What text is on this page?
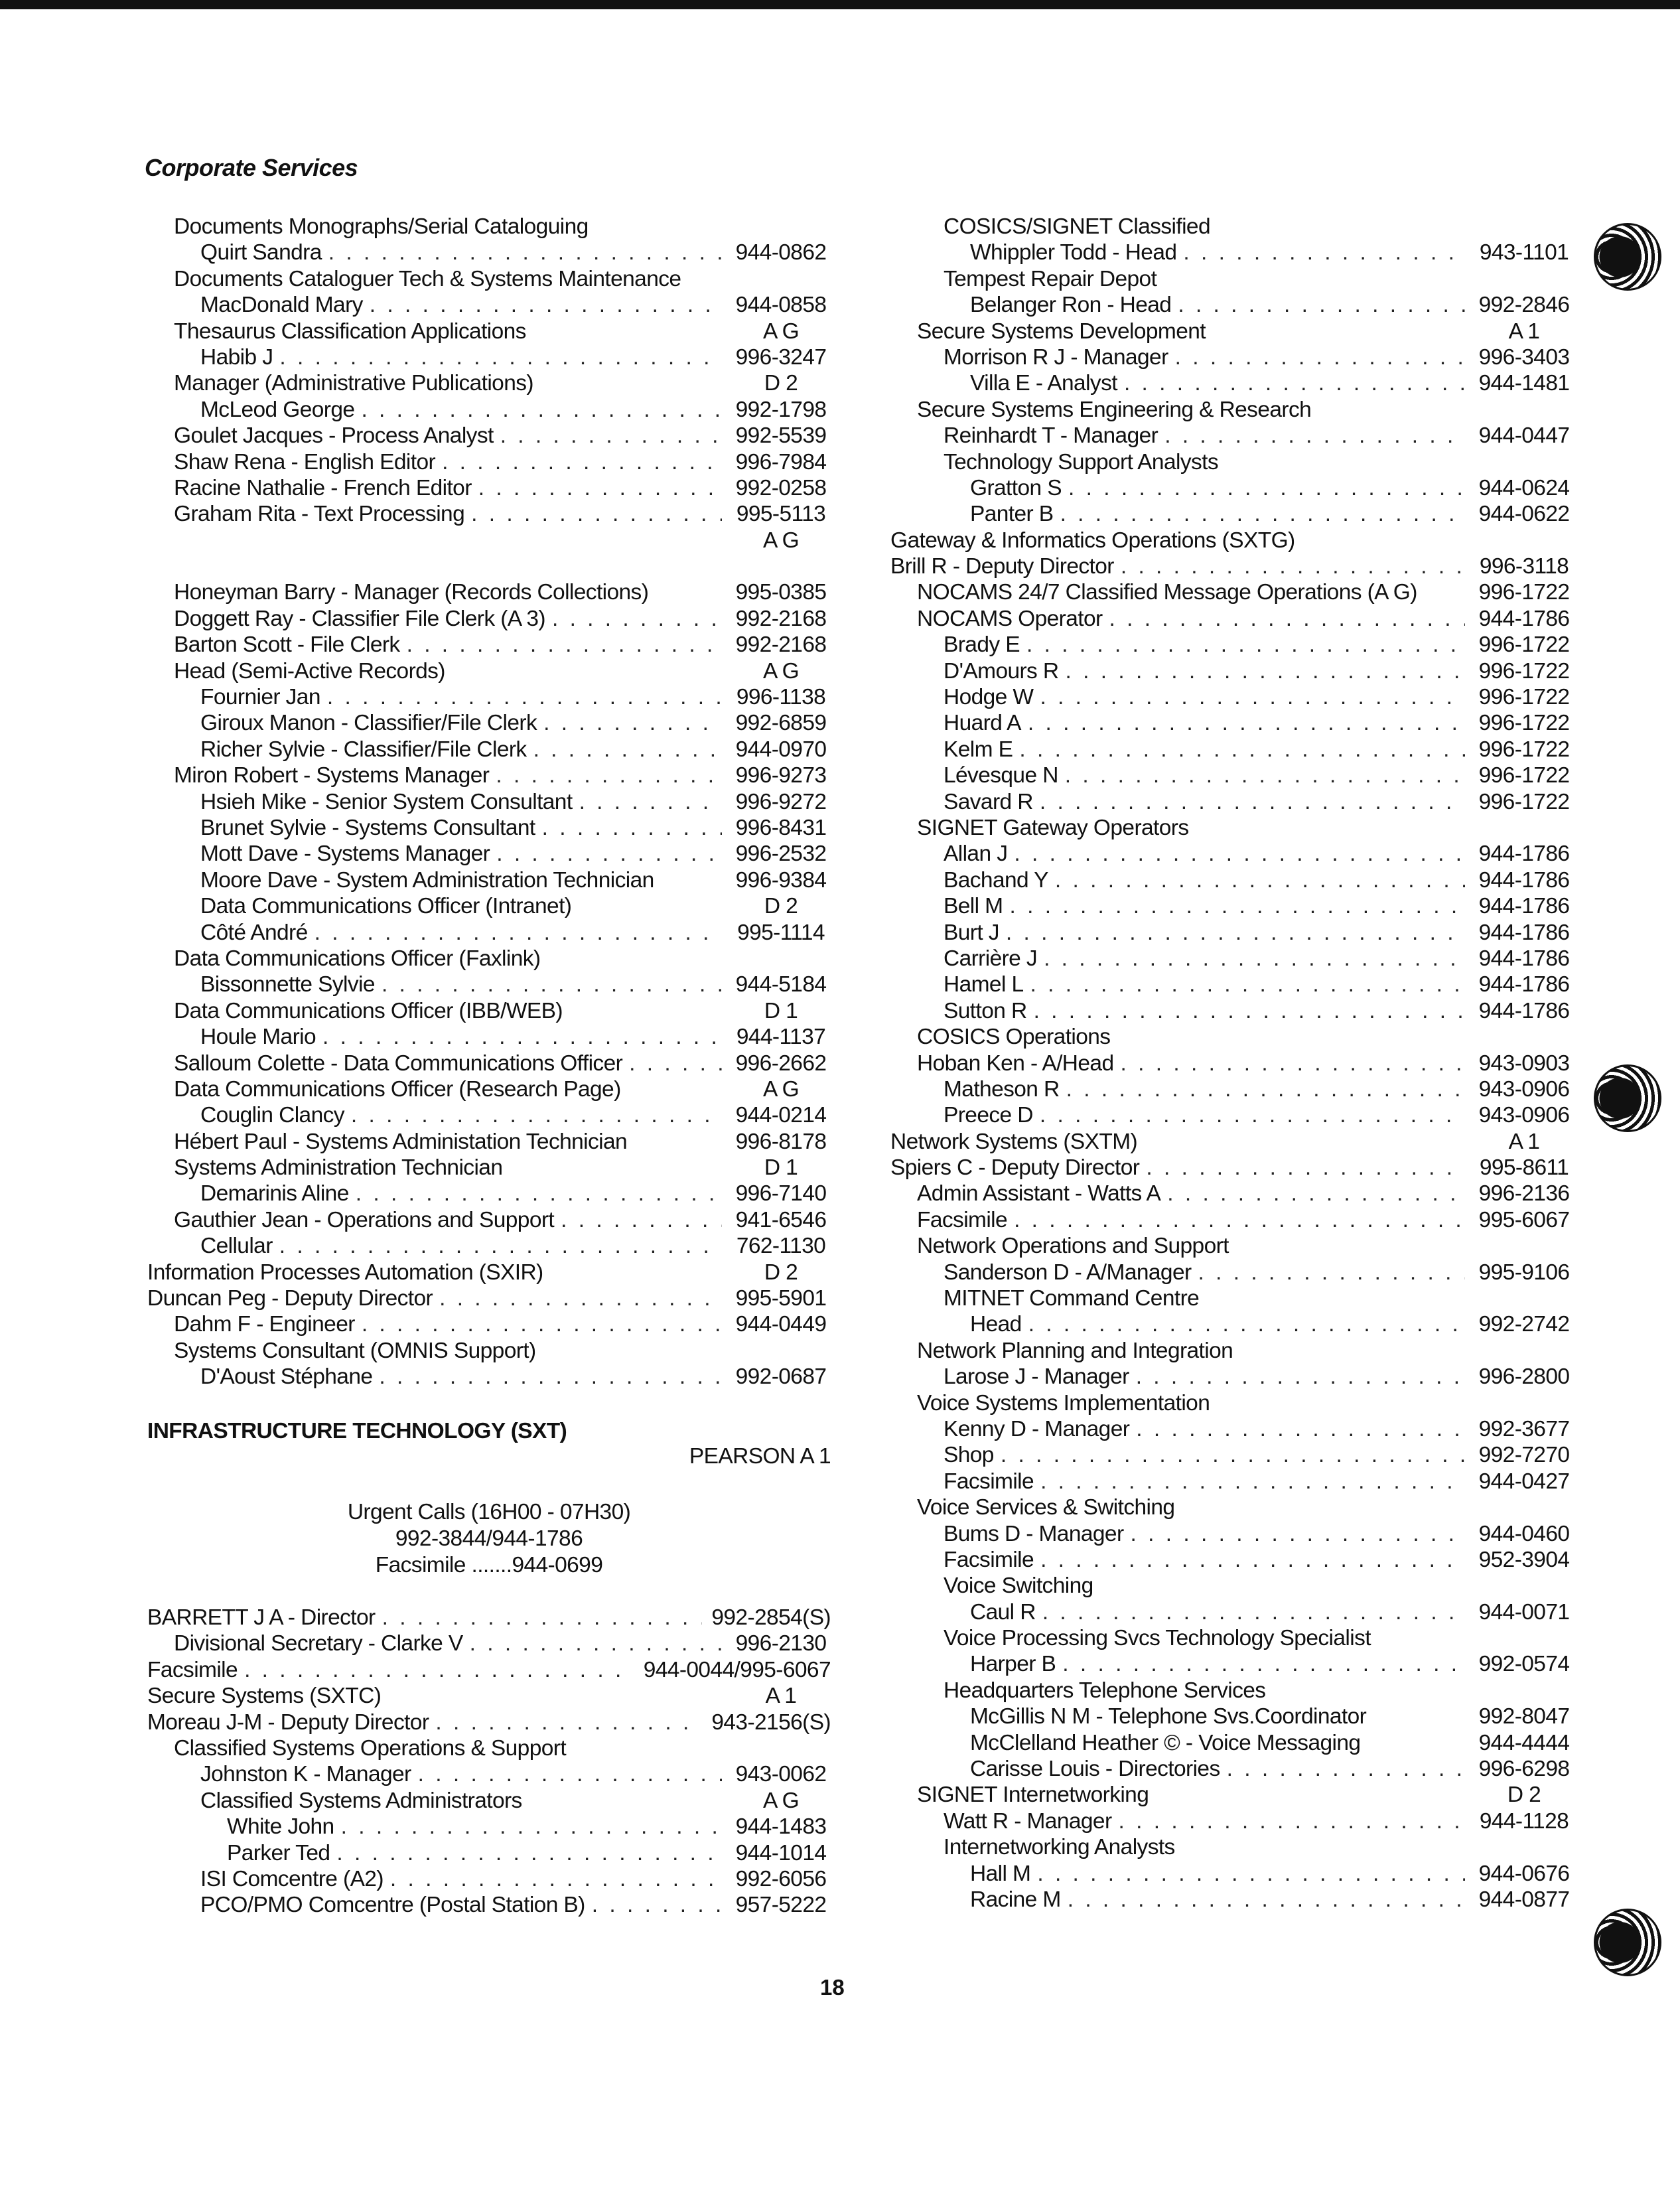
Corporate Services
Documents Monographs/Serial Cataloguing
Quirt Sandra . . .	944-0862
Documents Cataloguer Tech & Systems Maintenance
MacDonald Mary . . .	944-0858
Thesaurus Classification Applications	A G
Habib J . . .	996-3247
Manager (Administrative Publications)	D 2
McLeod George . . .	992-1798
Goulet Jacques - Process Analyst . . .	992-5539
Shaw Rena - English Editor . . .	996-7984
Racine Nathalie - French Editor . . .	992-0258
Graham Rita - Text Processing . . .	995-5113
A G
Honeyman Barry - Manager (Records Collections)	995-0385
Doggett Ray - Classifier File Clerk (A 3) . . .	992-2168
Barton Scott - File Clerk . . .	992-2168
Head (Semi-Active Records)	A G
Fournier Jan . . .	996-1138
Giroux Manon - Classifier/File Clerk . . .	992-6859
Richer Sylvie - Classifier/File Clerk . . .	944-0970
Miron Robert - Systems Manager . . .	996-9273
Hsieh Mike - Senior System Consultant . . .	996-9272
Brunet Sylvie - Systems Consultant . . .	996-8431
Mott Dave - Systems Manager . . .	996-2532
Moore Dave - System Administration Technician	996-9384
Data Communications Officer (Intranet)	D 2
Côté André . . .	995-1114
Data Communications Officer (Faxlink)
Bissonnette Sylvie . . .	944-5184
Data Communications Officer (IBB/WEB)	D 1
Houle Mario . . .	944-1137
Salloum Colette - Data Communications Officer . . .	996-2662
Data Communications Officer (Research Page)	A G
Couglin Clancy . . .	944-0214
Hébert Paul - Systems Administation Technician	996-8178
Systems Administration Technician	D 1
Demarinis Aline . . .	996-7140
Gauthier Jean - Operations and Support . . .	941-6546
Cellular . . .	762-1130
Information Processes Automation (SXIR)	D 2
Duncan Peg - Deputy Director . . .	995-5901
Dahm F - Engineer . . .	944-0449
Systems Consultant (OMNIS Support)
D'Aoust Stéphane . . .	992-0687
INFRASTRUCTURE TECHNOLOGY (SXT)
PEARSON A 1
Urgent Calls (16H00 - 07H30)
992-3844/944-1786
Facsimile .......944-0699
BARRETT J A - Director . . .	992-2854(S)
Divisional Secretary - Clarke V . . .	996-2130
Facsimile . . .	944-0044/995-6067
Secure Systems (SXTC)	A 1
Moreau J-M - Deputy Director . . .	943-2156(S)
Classified Systems Operations & Support
Johnston K - Manager . . .	943-0062
Classified Systems Administrators	A G
White John . . .	944-1483
Parker Ted . . .	944-1014
ISI Comcentre (A2) . . .	992-6056
PCO/PMO Comcentre (Postal Station B) . . .	957-5222
COSICS/SIGNET Classified
Whippler Todd - Head . . .	943-1101
Tempest Repair Depot
Belanger Ron - Head . . .	992-2846
Secure Systems Development	A 1
Morrison R J - Manager . . .	996-3403
Villa E - Analyst . . .	944-1481
Secure Systems Engineering & Research
Reinhardt T - Manager . . .	944-0447
Technology Support Analysts
Gratton S . . .	944-0624
Panter B . . .	944-0622
Gateway & Informatics Operations (SXTG)
Brill R - Deputy Director . . .	996-3118
NOCAMS 24/7 Classified Message Operations (A G)	996-1722
NOCAMS Operator . . .	944-1786
Brady E . . .	996-1722
D'Amours R . . .	996-1722
Hodge W . . .	996-1722
Huard A . . .	996-1722
Kelm E . . .	996-1722
Lévesque N . . .	996-1722
Savard R . . .	996-1722
SIGNET Gateway Operators
Allan J . . .	944-1786
Bachand Y . . .	944-1786
Bell M . . .	944-1786
Burt J . . .	944-1786
Carrière J . . .	944-1786
Hamel L . . .	944-1786
Sutton R . . .	944-1786
COSICS Operations
Hoban Ken - A/Head . . .	943-0903
Matheson R . . .	943-0906
Preece D . . .	943-0906
Network Systems (SXTM)	A 1
Spiers C - Deputy Director . . .	995-8611
Admin Assistant - Watts A . . .	996-2136
Facsimile . . .	995-6067
Network Operations and Support
Sanderson D - A/Manager . . .	995-9106
MITNET Command Centre
Head . . .	992-2742
Network Planning and Integration
Larose J - Manager . . .	996-2800
Voice Systems Implementation
Kenny D - Manager . . .	992-3677
Shop . . .	992-7270
Facsimile . . .	944-0427
Voice Services & Switching
Bums D - Manager . . .	944-0460
Facsimile . . .	952-3904
Voice Switching
Caul R . . .	944-0071
Voice Processing Svcs Technology Specialist
Harper B . . .	992-0574
Headquarters Telephone Services
McGillis N M - Telephone Svs.Coordinator	992-8047
McClelland Heather © - Voice Messaging	944-4444
Carisse Louis - Directories . . .	996-6298
SIGNET Internetworking	D 2
Watt R - Manager . . .	944-1128
Internetworking Analysts
Hall M . . .	944-0676
Racine M . . .	944-0877
18
